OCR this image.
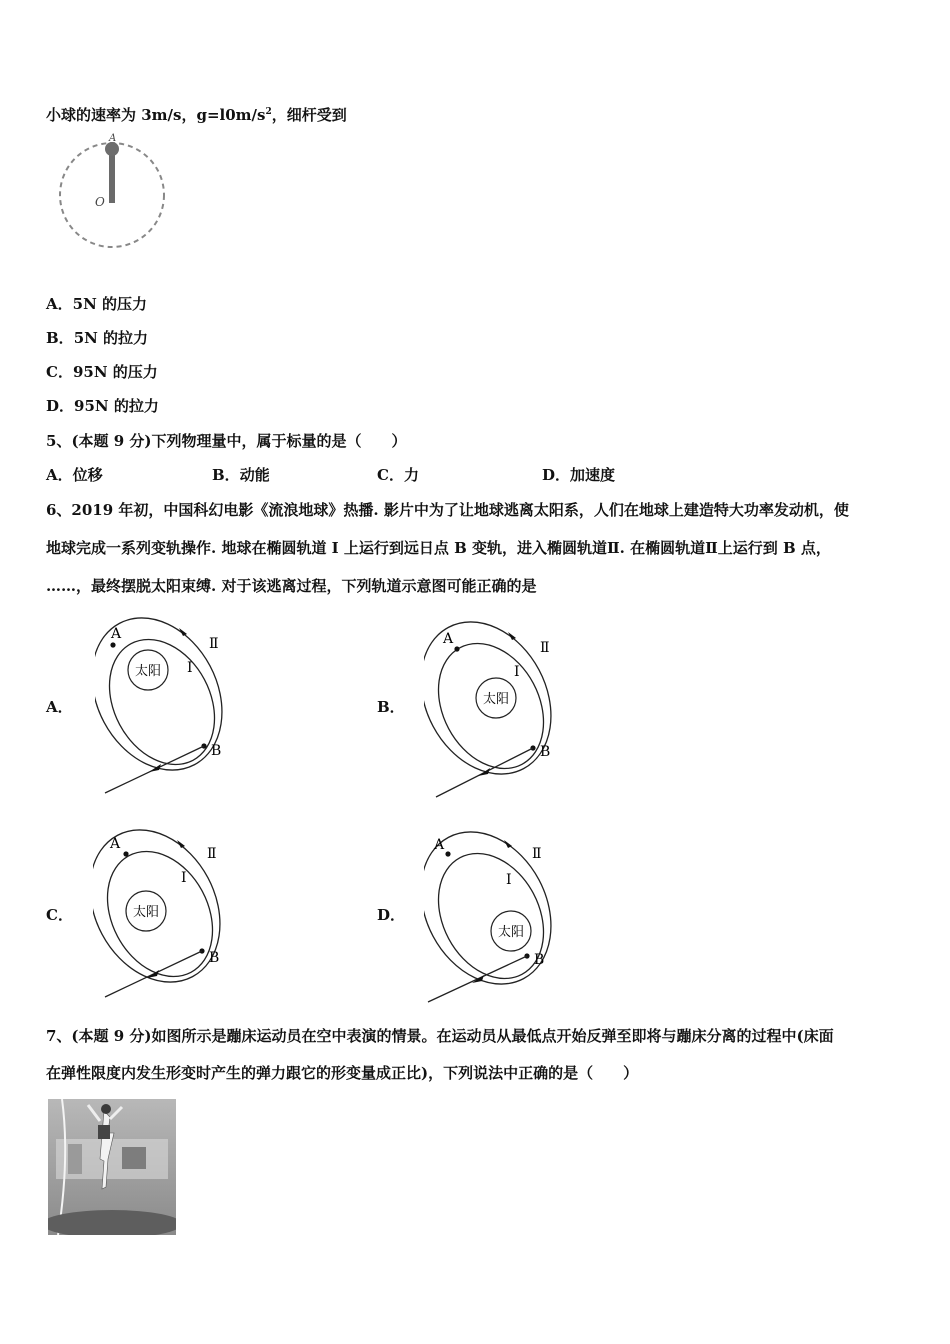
小球的速率为 3m/s，$g=l0m/s^2$，细杆受到
O
A
A．5N 的压力
B．5N 的拉力
C．95N 的压力
D．95N 的拉力
5、(本题 9 分)下列物理量中，属于标量的是（　　）
A．位移	B．动能	C．力	D．加速度
6、2019 年初，中国科幻电影《流浪地球》热播. 影片中为了让地球逃离太阳系，人们在地球上建造特大功率发动机，使
地球完成一系列变轨操作. 地球在椭圆轨道 I 上运行到远日点 B 变轨，进入椭圆轨道Ⅱ. 在椭圆轨道Ⅱ上运行到 B 点，
……，最终摆脱太阳束缚. 对于该逃离过程，下列轨道示意图可能正确的是
A．	B．
C．	D．
太阳
A
B
I
Ⅱ
太阳
A
B
I
Ⅱ
太阳
A
B
I
Ⅱ
太阳
A
B
I
Ⅱ
7、(本题 9 分)如图所示是蹦床运动员在空中表演的情景。在运动员从最低点开始反弹至即将与蹦床分离的过程中(床面
在弹性限度内发生形变时产生的弹力跟它的形变量成正比)，下列说法中正确的是（　　）
